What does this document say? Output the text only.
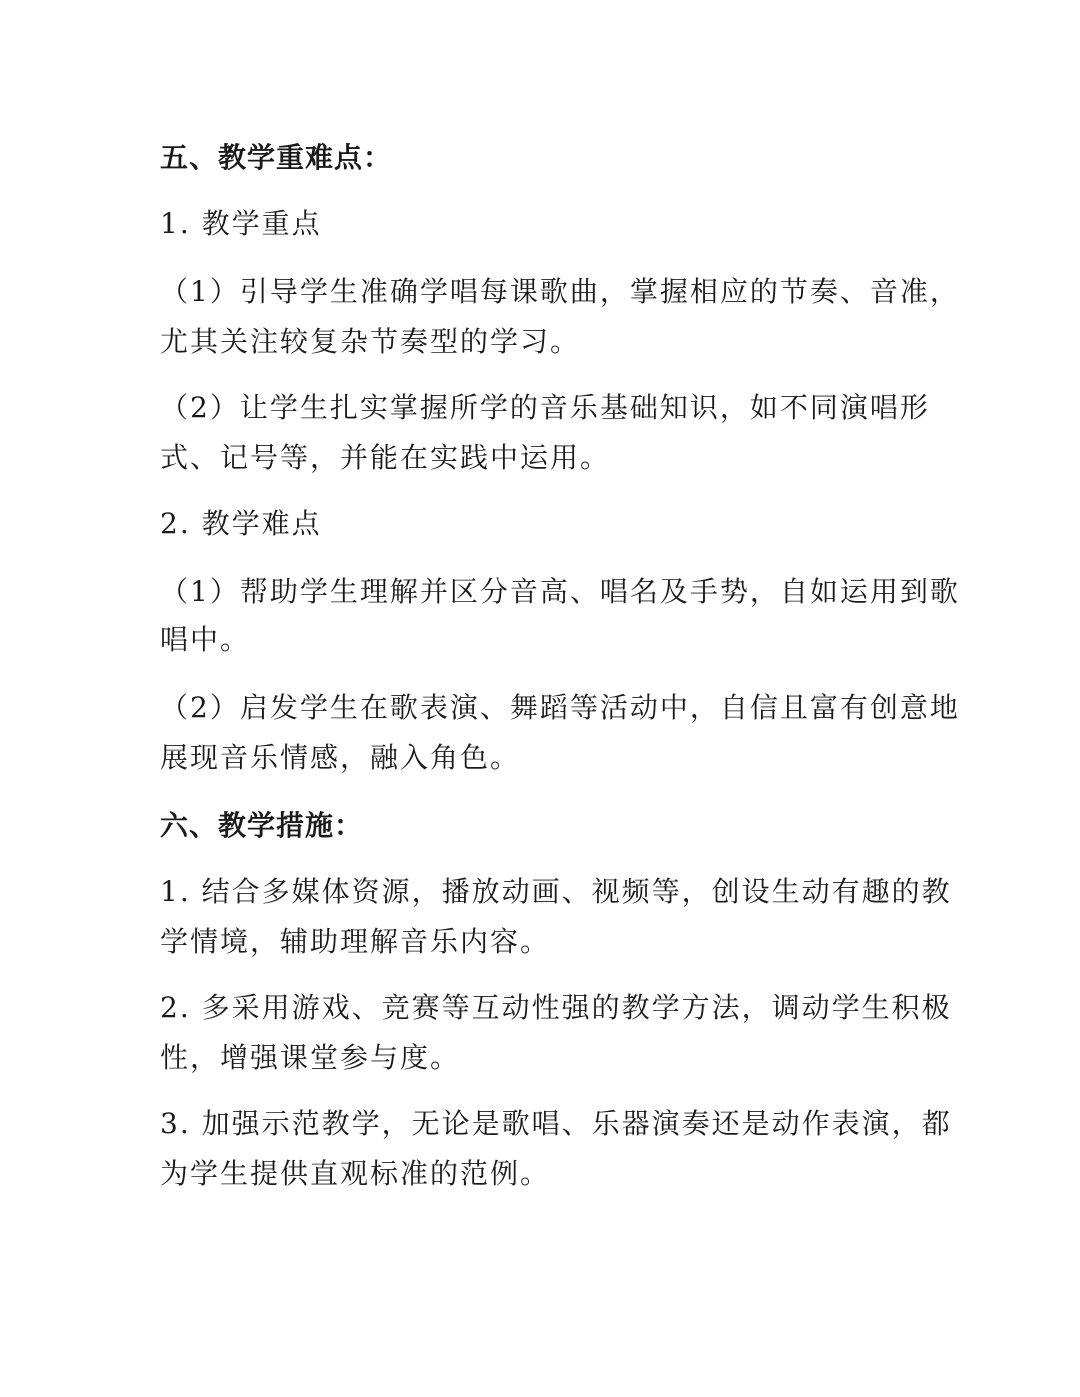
五、教学重难点：
1. 教学重点
（1）引导学生准确学唱每课歌曲，掌握相应的节奏、音准，
尤其关注较复杂节奏型的学习。
（2）让学生扎实掌握所学的音乐基础知识，如不同演唱形
式、记号等，并能在实践中运用。
2. 教学难点
（1）帮助学生理解并区分音高、唱名及手势，自如运用到歌
唱中。
（2）启发学生在歌表演、舞蹈等活动中，自信且富有创意地
展现音乐情感，融入角色。
六、教学措施：
1. 结合多媒体资源，播放动画、视频等，创设生动有趣的教
学情境，辅助理解音乐内容。
2. 多采用游戏、竞赛等互动性强的教学方法，调动学生积极
性，增强课堂参与度。
3. 加强示范教学，无论是歌唱、乐器演奏还是动作表演，都
为学生提供直观标准的范例。
